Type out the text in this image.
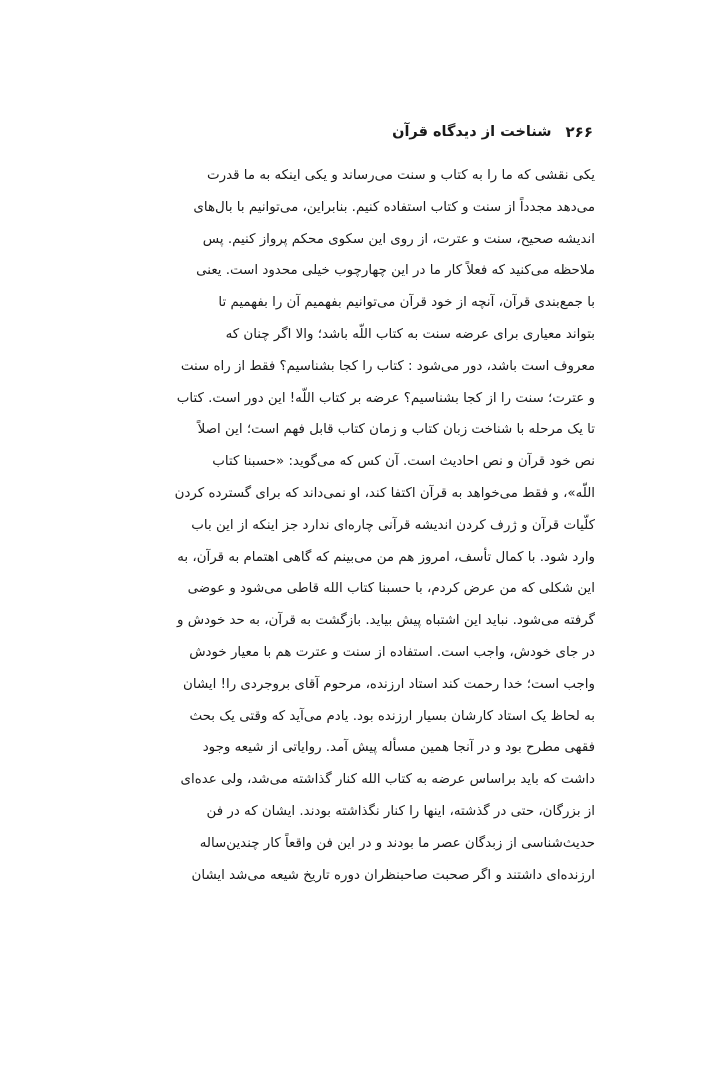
۲۶۶
شناخت از دیدگاه قرآن
یکی نقشی که ما را به کتاب و سنت می‌رساند و یکی اینکه به ما قدرت
می‌دهد مجدداً از سنت و کتاب استفاده کنیم. بنابراین، می‌توانیم با بال‌های
اندیشه صحیح، سنت و عترت، از روی این سکوی محکم پرواز کنیم. پس
ملاحظه می‌کنید که فعلاً کار ما در این چهارچوب خیلی محدود است. یعنی
با جمع‌بندی قرآن، آنچه از خود قرآن می‌توانیم بفهمیم آن را بفهمیم تا
بتواند معیاری برای عرضه سنت به کتاب اللّه باشد؛ والا اگر چنان که
معروف است باشد، دور می‌شود : کتاب را کجا بشناسیم؟ فقط از راه سنت
و عترت؛ سنت را از کجا بشناسیم؟ عرضه بر کتاب اللّه! این دور است. کتاب
تا یک مرحله با شناخت زبان کتاب و زمان کتاب قابل فهم است؛ این اصلاً
نص خود قرآن و نص احادیث است. آن کس که می‌گوید: «حسبنا کتاب
اللّه»، و فقط می‌خواهد به قرآن اکتفا کند، او نمی‌داند که برای گسترده کردن
کلّیات قرآن و ژرف کردن اندیشه قرآنی چاره‌ای ندارد جز اینکه از این باب
وارد شود. با کمال تأسف، امروز هم من می‌بینم که گاهی اهتمام به قرآن، به
این شکلی که من عرض کردم، با حسبنا کتاب الله قاطی می‌شود و عوضی
گرفته می‌شود. نباید این اشتباه پیش بیاید. بازگشت به قرآن، به حد خودش و
در جای خودش، واجب است. استفاده از سنت و عترت هم با معیار خودش
واجب است؛ خدا رحمت کند استاد ارزنده، مرحوم آقای بروجردی را! ایشان
به لحاظ یک استاد کارشان بسیار ارزنده بود. یادم می‌آید که وقتی یک بحث
فقهی مطرح بود و در آنجا همین مسأله پیش آمد. روایاتی از شیعه وجود
داشت که باید براساس عرضه به کتاب الله کنار گذاشته می‌شد، ولی عده‌ای
از بزرگان، حتی در گذشته، اینها را کنار نگذاشته بودند. ایشان که در فن
حدیث‌شناسی از زبدگان عصر ما بودند و در این فن واقعاً کار چندین‌ساله
ارزنده‌ای داشتند و اگر صحبت صاحبنظران دوره تاریخ شیعه می‌شد ایشان
